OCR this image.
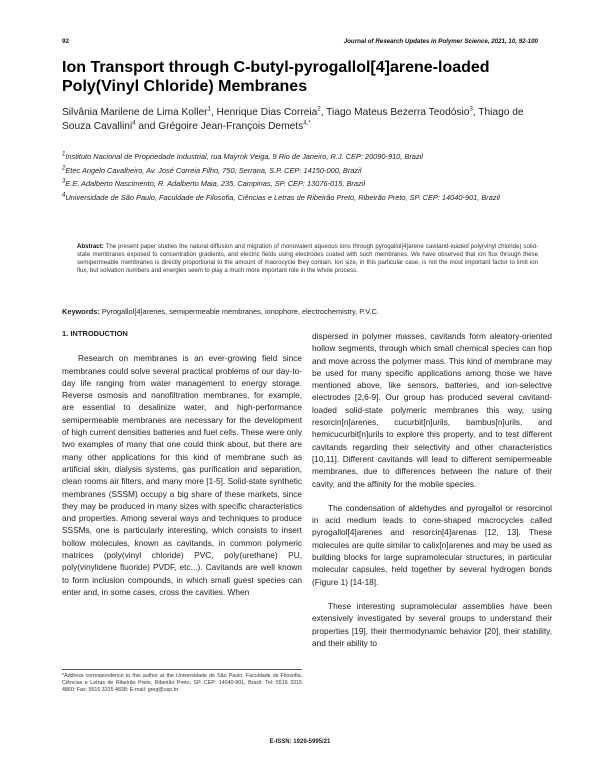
92	Journal of Research Updates in Polymer Science, 2021, 10, 92-100
Ion Transport through C-butyl-pyrogallol[4]arene-loaded Poly(Vinyl Chloride) Membranes
Silvânia Marilene de Lima Koller$^1$, Henrique Dias Correia$^2$, Tiago Mateus Bezerra Teodósio$^3$, Thiago de Souza Cavallini$^4$ and Grégoire Jean-François Demets$^{4,*}$
$^1$Instituto Nacional de Propriedade Industrial, rua Mayrnk Veiga, 9 Rio de Janeiro, R.J. CEP: 20090-910, Brazil
$^2$Etec Angelo Cavalheiro, Av. José Correia Filho, 750, Serrana, S.P. CEP: 14150-000, Brazil
$^3$E.E. Adalberto Nascimento, R. Adalberto Maia, 235, Campinas, SP. CEP: 13076-015, Brazil
$^4$Universidade de São Paulo, Faculdade de Filosofia, Ciências e Letras de Ribeirão Preto, Ribeirão Preto, SP. CEP: 14040-901, Brazil
Abstract: The present paper studies the natural diffusion and migration of monovalent aqueous ions through pyrogallol[4]arene cavitand-loaded poly(vinyl chloride) solid-state membranes exposed to concentration gradients, and electric fields using electrodes coated with such membranes. We have observed that ion flux through these semipermeable membranes is directly proportional to the amount of macrocycle they contain. Ion size, in this particular case, is not the most important factor to limit ion flux, but solvation numbers and energies seem to play a much more important role in the whole process.
Keywords: Pyrogallol[4]arenes, semipermeable membranes, ionophore, electrochemistry, P.V.C.
1. INTRODUCTION

Research on membranes is an ever-growing field since membranes could solve several practical problems of our day-to-day life ranging from water management to energy storage. Reverse osmosis and nanofiltration membranes, for example, are essential to desalinize water, and high-performance semipermeable membranes are necessary for the development of high current densities batteries and fuel cells. These were only two examples of many that one could think about, but there are many other applications for this kind of membrane such as artificial skin, dialysis systems, gas purification and separation, clean rooms air filters, and many more [1-5]. Solid-state synthetic membranes (SSSM) occupy a big share of these markets, since they may be produced in many sizes with specific characteristics and properties. Among several ways and techniques to produce SSSMs, one is particularly interesting, which consists to insert hollow molecules, known as cavitands, in common polymeric matrices (poly(vinyl chloride) PVC, poly(urethane) PU, poly(vinylidene fluoride) PVDF, etc...). Cavitands are well known to form inclusion compounds, in which small guest species can enter and, in some cases, cross the cavities. When

dispersed in polymer masses, cavitands form aleatory-oriented hollow segments, through which small chemical species can hop and move across the polymer mass. This kind of membrane may be used for many specific applications among those we have mentioned above, like sensors, batteries, and ion-selective electrodes [2,6-9]. Our group has produced several cavitand-loaded solid-state polymeric membranes this way, using resorcin[n]arenes, cucurbit[n]urils, bambus[n]urils, and hemicucurbit[n]urils to explore this property, and to test different cavitands regarding their selectivity and other characteristics [10,11]. Different cavitands will lead to different semipermeable membranes, due to differences between the nature of their cavity, and the affinity for the mobile species.

The condensation of aldehydes and pyrogallol or resorcinol in acid medium leads to cone-shaped macrocycles called pyrogallol[4]arenes and resorcin[4]arenas [12, 13]. These molecules are quite similar to calix[n]arenes and may be used as building blocks for large supramolecular structures, in particular molecular capsules, held together by several hydrogen bonds (Figure 1) [14-18].

These interesting supramolecular assemblies have been extensively investigated by several groups to understand their properties [19], their thermodynamic behavior [20], their stability, and their ability to

*Address correspondence to this author at the Universidade de São Paulo, Faculdade de Filosofia, Ciências e Letras de Ribeirão Preto, Ribeirão Preto, SP. CEP: 14040-901, Brazil; Tel: 5516 3315 4860; Fax: 5516 3315 4838; E-mail: greg@usp.br
E-ISSN: 1929-5995/21
